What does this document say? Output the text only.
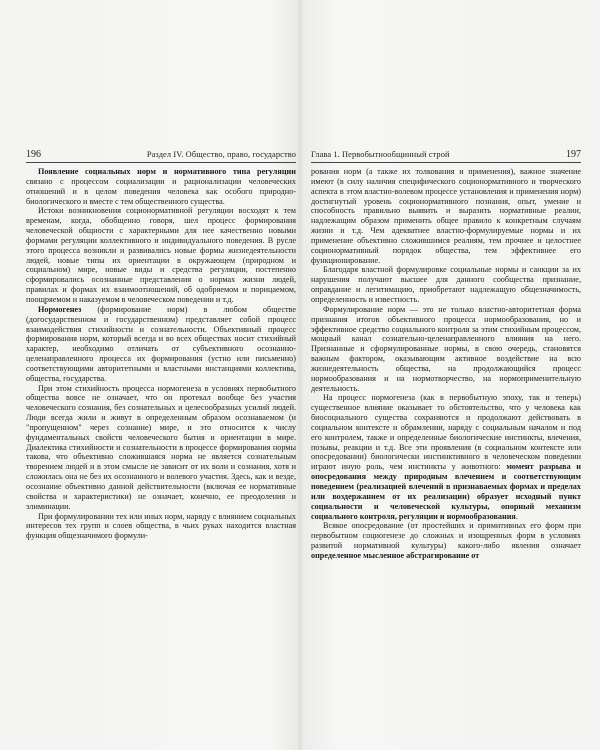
196	Раздел IV. Общество, право, государство

Появление социальных норм и нормативного типа регуляции связано с процессом социализации и рационализации человеческих отношений и в целом поведения человека как особого природно-биологического и вместе с тем общественного существа.

Истоки возникновения соционормативной регуляции восходят к тем временам, когда, обобщенно говоря, шел процесс формирования человеческой общности с характерными для нее качественно новыми формами регуляции коллективного и индивидуального поведения. В русле этого процесса возникли и развивались новые формы жизнедеятельности людей, новые типы их ориентации в окружающем (природном и социальном) мире, новые виды и средства регуляции, постепенно сформировались осознанные представления о нормах жизни людей, правилах и формах их взаимоотношений, об одобряемом и порицаемом, поощряемом и наказуемом в человеческом поведении и т.д.

Нормогенез (формирование норм) в любом обществе (догосударственном и государственном) представляет собой процесс взаимодействия стихийности и сознательности. Объективный процесс формирования норм, который всегда и во всех обществах носит стихийный характер, необходимо отличать от субъективного осознанно-целенаправленного процесса их формирования (устно или письменно) соответствующими авторитетными и властными инстанциями коллектива, общества, государства.

При этом стихийность процесса нормогенеза в условиях первобытного общества вовсе не означает, что он протекал вообще без участия человеческого сознания, без сознательных и целесообразных усилий людей. Люди всегда жили и живут в определенным образом осознаваемом (и "пропущенном" через сознание) мире, и это относится к числу фундаментальных свойств человеческого бытия и ориентации в мире. Диалектика стихийности и сознательности в процессе формирования нормы такова, что объективно сложившаяся норма не является сознательным творением людей и в этом смысле не зависит от их воли и сознания, хотя и сложилась она не без их осознанного и волевого участия. Здесь, как и везде, осознание объективно данной действительности (включая ее нормативные свойства и характеристики) не означает, конечно, ее преодоления и элиминации.

При формулировании тех или иных норм, наряду с влиянием социальных интересов тех групп и слоев общества, в чьих руках находится властная функция общезначимого формули-

Глава 1. Первобытнообщинный строй	197

рования норм (а также их толкования и применения), важное значение имеют (в силу наличия специфического соционормативного и творческого аспекта в этом властно-волевом процессе установления и применения норм) достигнутый уровень соционормативного познания, опыт, умение и способность правильно выявить и выразить нормативные реалии, надлежащим образом применить общее правило к конкретным случаям жизни и т.д. Чем адекватнее властно-формулируемые нормы и их применение объективно сложившимся реалиям, тем прочнее и целостнее соционормативный порядок общества, тем эффективнее его функционирование.

Благодаря властной формулировке социальные нормы и санкции за их нарушения получают высшее для данного сообщества признание, оправдание и легитимацию, приобретают надлежащую общезначимость, определенность и известность.

Формулирование норм — это не только властно-авторитетная форма признания итогов объективного процесса нормообразования, но и эффективное средство социального контроля за этим стихийным процессом, мощный канал сознательно-целенаправленного влияния на него. Признанные и сформулированные нормы, в свою очередь, становятся важным фактором, оказывающим активное воздействие на всю жизнедеятельность общества, на продолжающийся процесс нормообразования и на нормотворчество, на нормоприменительную деятельность.

На процесс нормогенеза (как в первобытную эпоху, так и теперь) существенное влияние оказывает то обстоятельство, что у человека как биосоциального существа сохраняются и продолжают действовать в социальном контексте и обрамлении, наряду с социальным началом и под его контролем, также и определенные биологические инстинкты, влечения, позывы, реакции и т.д. Все эти проявления (в социальном контексте или опосредовании) биологически инстинктивного в человеческом поведении играют иную роль, чем инстинкты у животного: момент разрыва и опосредования между природным влечением и соответствующим поведением (реализацией влечений в признаваемых формах и пределах или воздержанием от их реализации) образует исходный пункт социальности и человеческой культуры, опорный механизм социального контроля, регуляции и нормообразования.

Всякое опосредование (от простейших и примитивных его форм при первобытном социогенезе до сложных и изощренных форм в условиях развитой нормативной культуры) какого-либо явления означает определенное мысленное абстрагирование от
